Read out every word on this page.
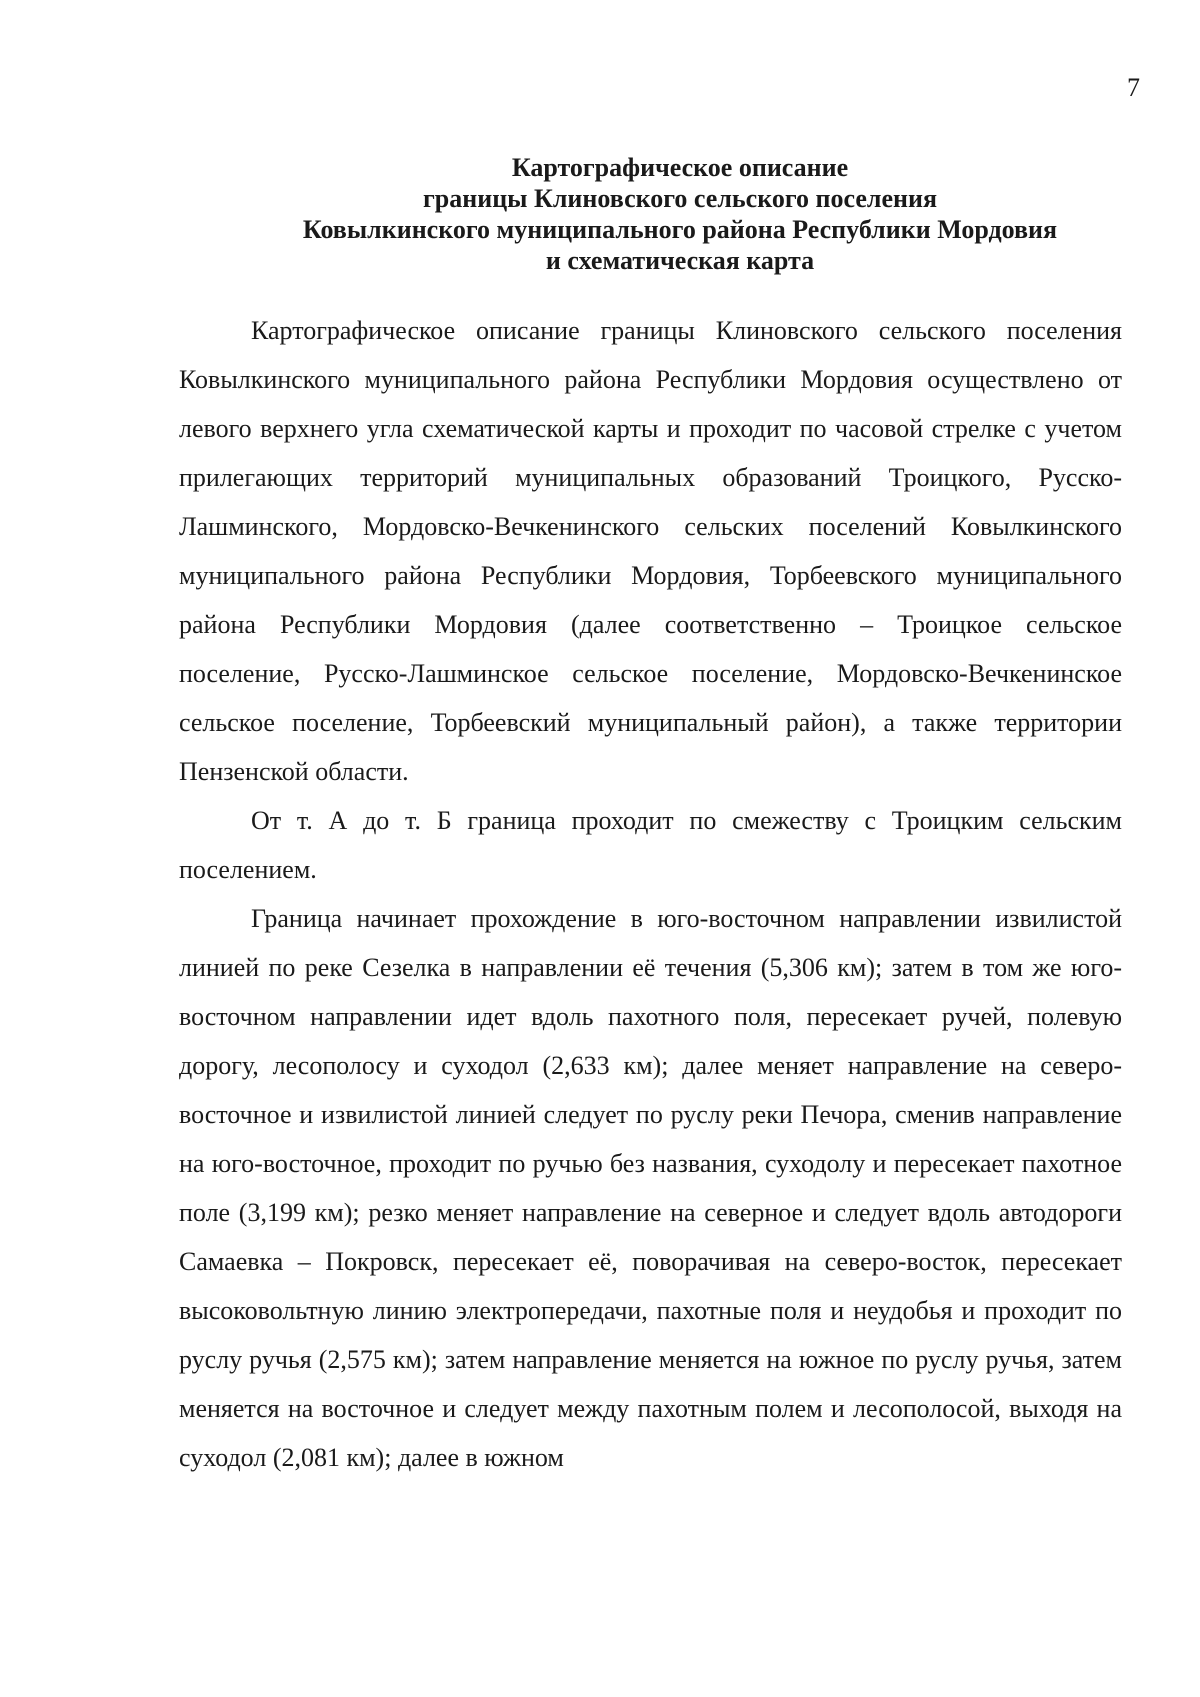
7
Картографическое описание
границы Клиновского сельского поселения
Ковылкинского муниципального района Республики Мордовия
и схематическая карта

Картографическое описание границы Клиновского сельского поселения Ковылкинского муниципального района Республики Мордовия осуществлено от левого верхнего угла схематической карты и проходит по часовой стрелке с учетом прилегающих территорий муниципальных образований Троицкого, Русско-Лашминского, Мордовско-Вечкенинского сельских поселений Ковылкинского муниципального района Республики Мордовия, Торбеевского муниципального района Республики Мордовия (далее соответственно – Троицкое сельское поселение, Русско-Лашминское сельское поселение, Мордовско-Вечкенинское сельское поселение, Торбеевский муниципальный район), а также территории Пензенской области.

От т. А до т. Б граница проходит по смежеству с Троицким сельским поселением.

Граница начинает прохождение в юго-восточном направлении извилистой линией по реке Сезелка в направлении её течения (5,306 км); затем в том же юго-восточном направлении идет вдоль пахотного поля, пересекает ручей, полевую дорогу, лесополосу и суходол (2,633 км); далее меняет направление на северо-восточное и извилистой линией следует по руслу реки Печора, сменив направление на юго-восточное, проходит по ручью без названия, суходолу и пересекает пахотное поле (3,199 км); резко меняет направление на северное и следует вдоль автодороги Самаевка – Покровск, пересекает её, поворачивая на северо-восток, пересекает высоковольтную линию электропередачи, пахотные поля и неудобья и проходит по руслу ручья (2,575 км); затем направление меняется на южное по руслу ручья, затем меняется на восточное и следует между пахотным полем и лесополосой, выходя на суходол (2,081 км); далее в южном
